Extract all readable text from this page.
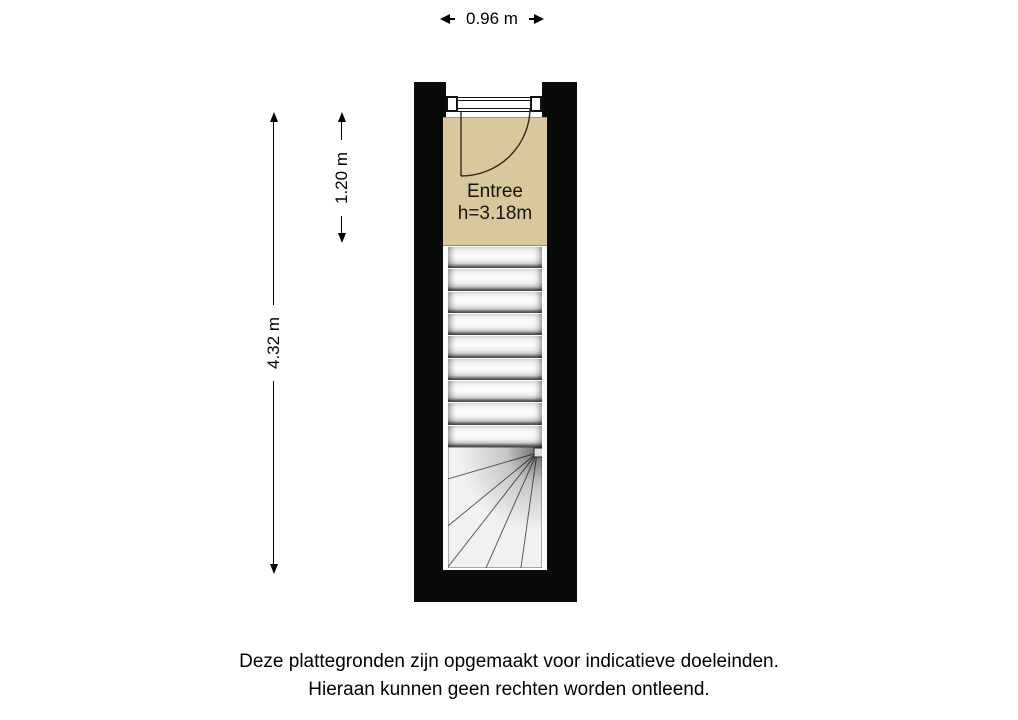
0.96 m
4.32 m
1.20 m	Entree
h=3.18m
Deze plattegronden zijn opgemaakt voor indicatieve doeleinden.
Hieraan kunnen geen rechten worden ontleend.
